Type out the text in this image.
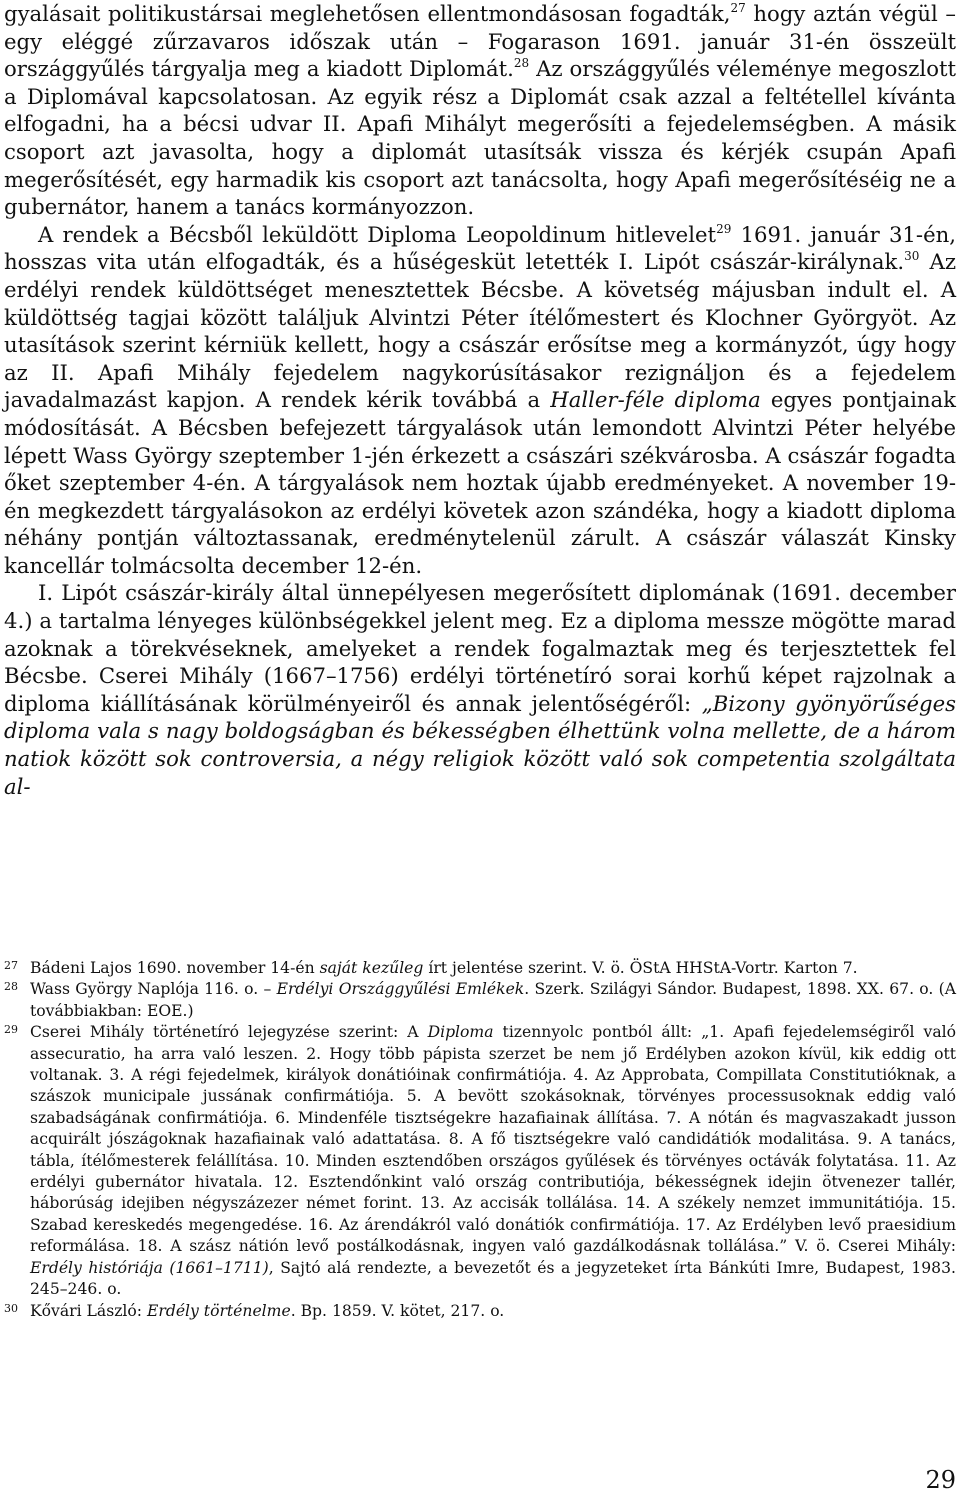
gyalásait politikustársai meglehetősen ellentmondásosan fogadták,$^{27}$ hogy aztán végül – egy eléggé zűrzavaros időszak után – Fogarason 1691. január 31-én összeült országgyűlés tárgyalja meg a kiadott Diplomát.$^{28}$ Az országgyűlés véleménye megoszlott a Diplomával kapcsolatosan. Az egyik rész a Diplomát csak azzal a feltétellel kívánta elfogadni, ha a bécsi udvar II. Apafi Mihályt megerősíti a fejedelemségben. A másik csoport azt javasolta, hogy a diplomát utasítsák vissza és kérjék csupán Apafi megerősítését, egy harmadik kis csoport azt tanácsolta, hogy Apafi megerősítéséig ne a gubernátor, hanem a tanács kormányozzon.

A rendek a Bécsből leküldött Diploma Leopoldinum hitlevelet$^{29}$ 1691. január 31-én, hosszas vita után elfogadták, és a hűségesküt letették I. Lipót császár-királynak.$^{30}$ Az erdélyi rendek küldöttséget menesztettek Bécsbe. A követség májusban indult el. A küldöttség tagjai között találjuk Alvintzi Péter ítélőmestert és Klochner Györgyöt. Az utasítások szerint kérniük kellett, hogy a császár erősítse meg a kormányzót, úgy hogy az II. Apafi Mihály fejedelem nagykorúsításakor rezignáljon és a fejedelem javadalmazást kapjon. A rendek kérik továbbá a Haller-féle diploma egyes pontjainak módosítását. A Bécsben befejezett tárgyalások után lemondott Alvintzi Péter helyébe lépett Wass György szeptember 1-jén érkezett a császári székvárosba. A császár fogadta őket szeptember 4-én. A tárgyalások nem hoztak újabb eredményeket. A november 19-én megkezdett tárgyalásokon az erdélyi követek azon szándéka, hogy a kiadott diploma néhány pontján változtassanak, eredménytelenül zárult. A császár válaszát Kinsky kancellár tolmácsolta december 12-én.

I. Lipót császár-király által ünnepélyesen megerősített diplomának (1691. december 4.) a tartalma lényeges különbségekkel jelent meg. Ez a diploma messze mögötte marad azoknak a törekvéseknek, amelyeket a rendek fogalmaztak meg és terjesztettek fel Bécsbe. Cserei Mihály (1667–1756) erdélyi történetíró sorai korhű képet rajzolnak a diploma kiállításának körülményeiről és annak jelentőségéről: „Bizony gyönyörűséges diploma vala s nagy boldogságban és békességben élhettünk volna mellette, de a három natiok között sok controversia, a négy religiok között való sok competentia szolgáltata al-

27 Bádeni Lajos 1690. november 14-én saját kezűleg írt jelentése szerint. V. ö. ÖStA HHStA-Vortr. Karton 7.

28 Wass György Naplója 116. o. – Erdélyi Országgyűlési Emlékek. Szerk. Szilágyi Sándor. Budapest, 1898. XX. 67. o. (A továbbiakban: EOE.)

29 Cserei Mihály történetíró lejegyzése szerint: A Diploma tizennyolc pontból állt: „1. Apafi fejedelemségiről való assecuratio, ha arra való leszen. 2. Hogy több pápista szerzet be nem jő Erdélyben azokon kívül, kik eddig ott voltanak. 3. A régi fejedelmek, királyok donátióinak confirmátiója. 4. Az Approbata, Compillata Constitutióknak, a szászok municipale jussának confirmátiója. 5. A bevött szokásoknak, törvényes processusoknak eddig való szabadságának confirmátiója. 6. Mindenféle tisztségekre hazafiainak állítása. 7. A nótán és magvaszakadt jusson acquirált jószágoknak hazafiainak való adattatása. 8. A fő tisztségekre való candidátiók modalitása. 9. A tanács, tábla, ítélőmesterek felállítása. 10. Minden esztendőben országos gyűlések és törvényes octávák folytatása. 11. Az erdélyi gubernátor hivatala. 12. Esztendőnkint való ország contributiója, békességnek idejin ötvenezer tallér, háborúság idejiben négyszázezer német forint. 13. Az accisák tollálása. 14. A székely nemzet immunitátiója. 15. Szabad kereskedés megengedése. 16. Az árendákról való donátiók confirmátiója. 17. Az Erdélyben levő praesidium reformálása. 18. A szász nátión levő postálkodásnak, ingyen való gazdálkodásnak tollálása.” V. ö. Cserei Mihály: Erdély históriája (1661–1711), Sajtó alá rendezte, a bevezetőt és a jegyzeteket írta Bánkúti Imre, Budapest, 1983. 245–246. o.

30 Kővári László: Erdély történelme. Bp. 1859. V. kötet, 217. o.

29
